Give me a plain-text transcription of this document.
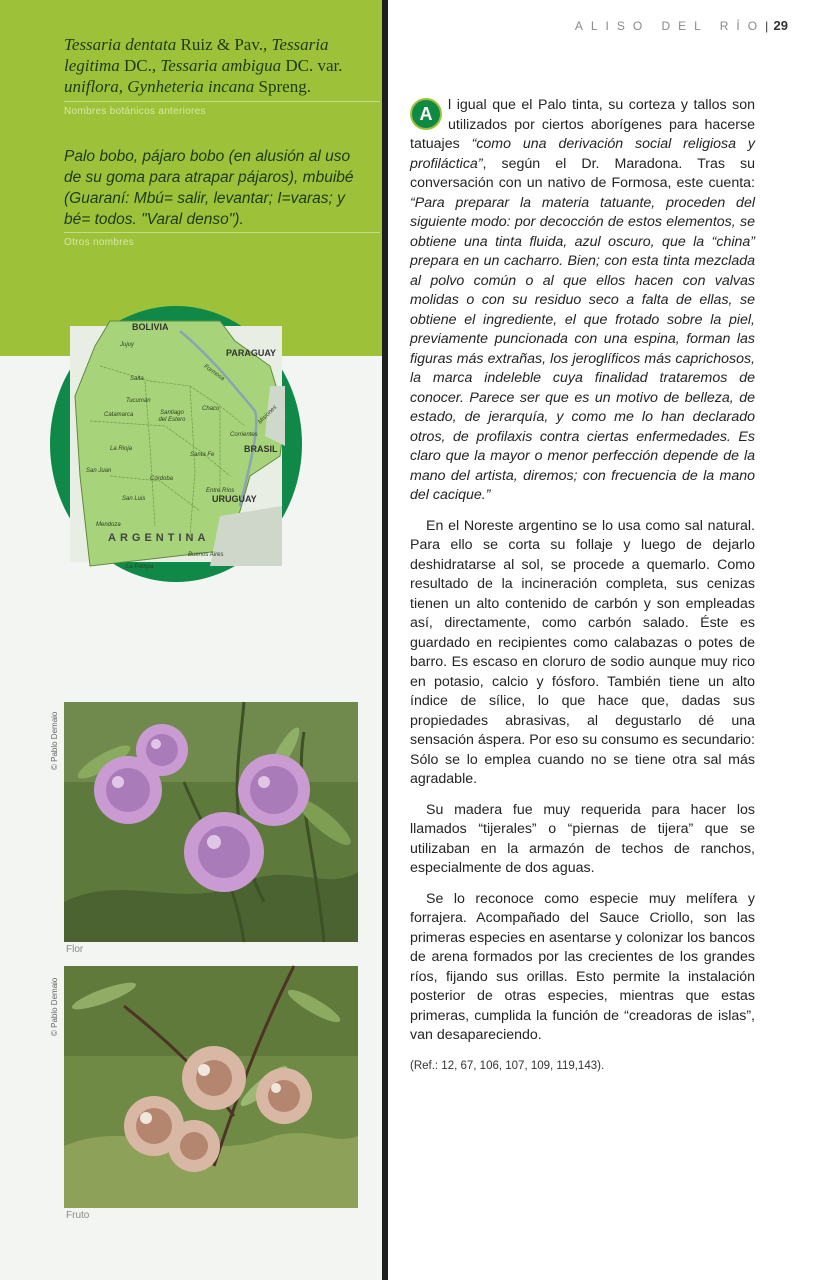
Tessaria dentata Ruiz & Pav., Tessaria legitima DC., Tessaria ambigua DC. var. uniflora, Gynheteria incana Spreng.
Nombres botánicos anteriores
Palo bobo, pájaro bobo (en alusión al uso de su goma para atrapar pájaros), mbuibé (Guaraní: Mbú= salir, levantar; I=varas; y bé= todos. "Varal denso").
Otros nombres
BOLIVIA
PARAGUAY
BRASIL
URUGUAY
Jujuy
Salta	Formosa
Tucumán
Catamarca	Santiago del Estero
Chaco	Misiones
La Rioja
Corrientes
Santa Fe
San Juan
Córdoba
Entre Ríos
San Luis
Mendoza
Buenos Aires
La Pampa
ARGENTINA
© Pablo Demaio
Flor
© Pablo Demaio
Fruto
ALISO DEL RÍO| 29

A	l igual que el Palo tinta, su corteza y tallos son utilizados por ciertos aborígenes para hacerse tatuajes “como una derivación social religiosa y profiláctica”, según el Dr. Maradona. Tras su conversación con un nativo de Formosa, este cuenta: “Para preparar la materia tatuante, proceden del siguiente modo: por decocción de estos elementos, se obtiene una tinta fluida, azul oscuro, que la “china” prepara en un cacharro. Bien; con esta tinta mezclada al polvo común o al que ellos hacen con valvas molidas o con su residuo seco a falta de ellas, se obtiene el ingrediente, el que frotado sobre la piel, previamente puncionada con una espina, forman las figuras más extrañas, los jeroglíficos más caprichosos, la marca indeleble cuya finalidad trataremos de conocer. Parece ser que es un motivo de belleza, de estado, de jerarquía, y como me lo han declarado otros, de profilaxis contra ciertas enfermedades. Es claro que la mayor o menor perfección depende de la mano del artista, diremos; con frecuencia de la mano del cacique.”

En el Noreste argentino se lo usa como sal natural. Para ello se corta su follaje y luego de dejarlo deshidratarse al sol, se procede a quemarlo. Como resultado de la incineración completa, sus cenizas tienen un alto contenido de carbón y son empleadas así, directamente, como carbón salado. Éste es guardado en recipientes como calabazas o potes de barro. Es escaso en cloruro de sodio aunque muy rico en potasio, calcio y fósforo. También tiene un alto índice de sílice, lo que hace que, dadas sus propiedades abrasivas, al degustarlo dé una sensación áspera. Por eso su consumo es secundario: Sólo se lo emplea cuando no se tiene otra sal más agradable.

Su madera fue muy requerida para hacer los llamados “tijerales” o “piernas de tijera” que se utilizaban en la armazón de techos de ranchos, especialmente de dos aguas.

Se lo reconoce como especie muy melífera y forrajera. Acompañado del Sauce Criollo, son las primeras especies en asentarse y colonizar los bancos de arena formados por las crecientes de los grandes ríos, fijando sus orillas. Esto permite la instalación posterior de otras especies, mientras que estas primeras, cumplida la función de “creadoras de islas”, van desapareciendo.

(Ref.: 12, 67, 106, 107, 109, 119,143).
